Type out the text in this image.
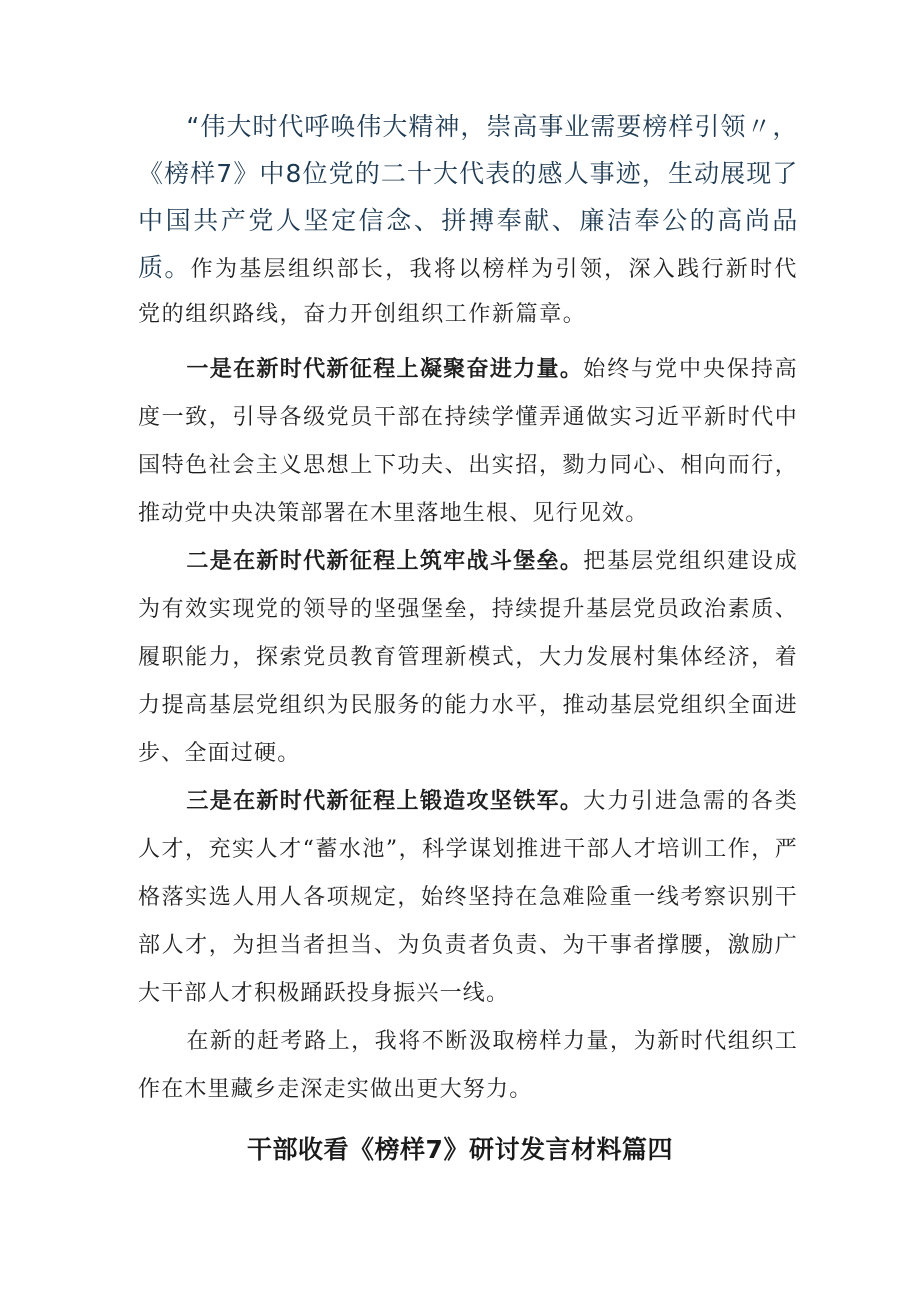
“伟大时代呼唤伟大精神，崇高事业需要榜样引领〃，《榜样7》中8位党的二十大代表的感人事迹，生动展现了中国共产党人坚定信念、拼搏奉献、廉洁奉公的高尚品质。作为基层组织部长，我将以榜样为引领，深入践行新时代党的组织路线，奋力开创组织工作新篇章。

一是在新时代新征程上凝聚奋进力量。始终与党中央保持高度一致，引导各级党员干部在持续学懂弄通做实习近平新时代中国特色社会主义思想上下功夫、出实招，勠力同心、相向而行，推动党中央决策部署在木里落地生根、见行见效。

二是在新时代新征程上筑牢战斗堡垒。把基层党组织建设成为有效实现党的领导的坚强堡垒，持续提升基层党员政治素质、履职能力，探索党员教育管理新模式，大力发展村集体经济，着力提高基层党组织为民服务的能力水平，推动基层党组织全面进步、全面过硬。

三是在新时代新征程上锻造攻坚铁军。大力引进急需的各类人才，充实人才“蓄水池”，科学谋划推进干部人才培训工作，严格落实选人用人各项规定，始终坚持在急难险重一线考察识别干部人才，为担当者担当、为负责者负责、为干事者撑腰，激励广大干部人才积极踊跃投身振兴一线。

在新的赶考路上，我将不断汲取榜样力量，为新时代组织工作在木里藏乡走深走实做出更大努力。

干部收看《榜样7》研讨发言材料篇四
